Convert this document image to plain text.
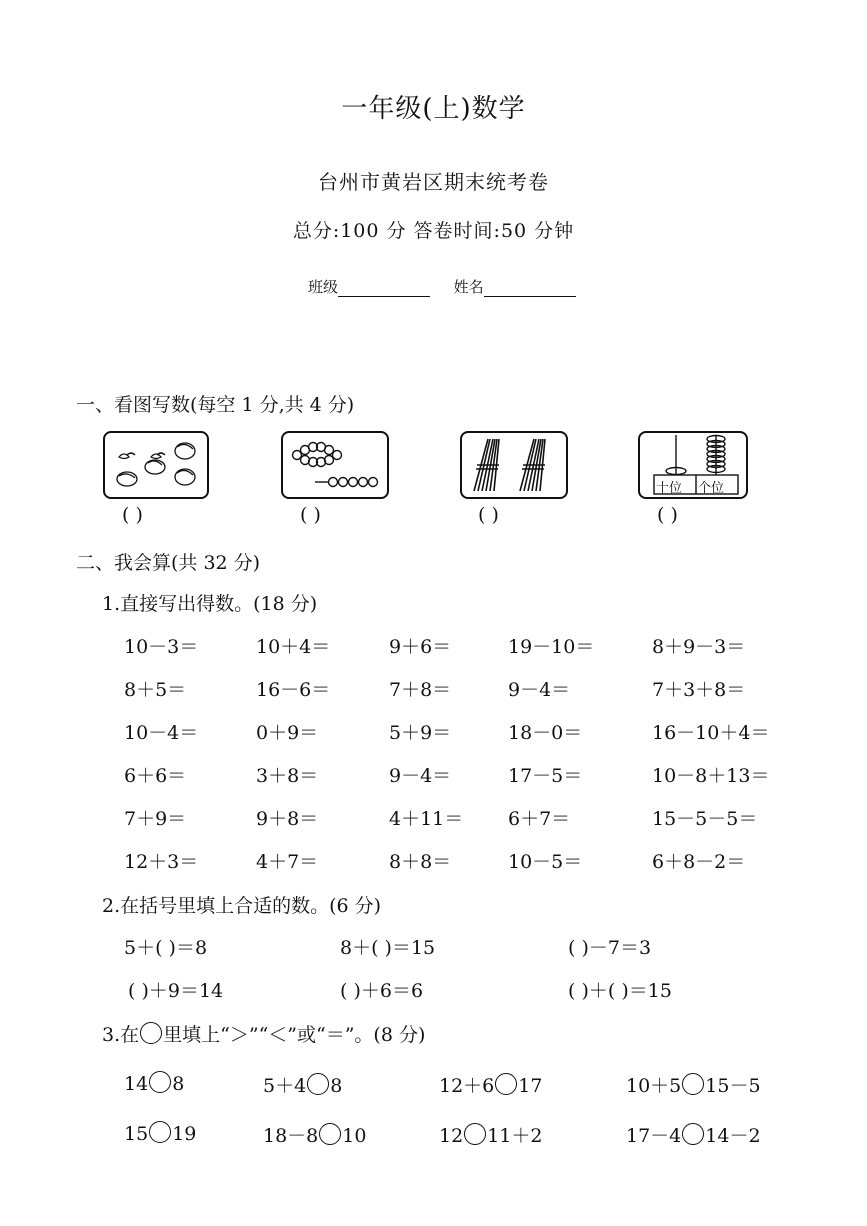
一年级(上)数学
台州市黄岩区期末统考卷
总分:100 分 答卷时间:50 分钟
班级	姓名
一、看图写数(每空 1 分,共 4 分)
( )	( )	( )
十位 个位
( )
二、我会算(共 32 分)
1.直接写出得数。(18 分)
10－3＝	10＋4＝	9＋6＝	19－10＝	8＋9－3＝
8＋5＝	16－6＝	7＋8＝	9－4＝	7＋3＋8＝
10－4＝	0＋9＝	5＋9＝	18－0＝	16－10＋4＝
6＋6＝	3＋8＝	9－4＝	17－5＝	10－8＋13＝
7＋9＝	9＋8＝	4＋11＝ 6＋7＝	15－5－5＝
12＋3＝	4＋7＝	8＋8＝	10－5＝	6＋8－2＝
2.在括号里填上合适的数。(6 分)
5＋( )＝8	8＋( )＝15	( )－7＝3
( )＋9＝14	( )＋6＝6	( )＋( )＝15
3.在 里填上“＞”“＜”或“＝”。(8 分)
14 8	5＋4 8	12＋6 17	10＋5 15－5
15 19	18－8 10	12 11＋2	17－4 14－2
